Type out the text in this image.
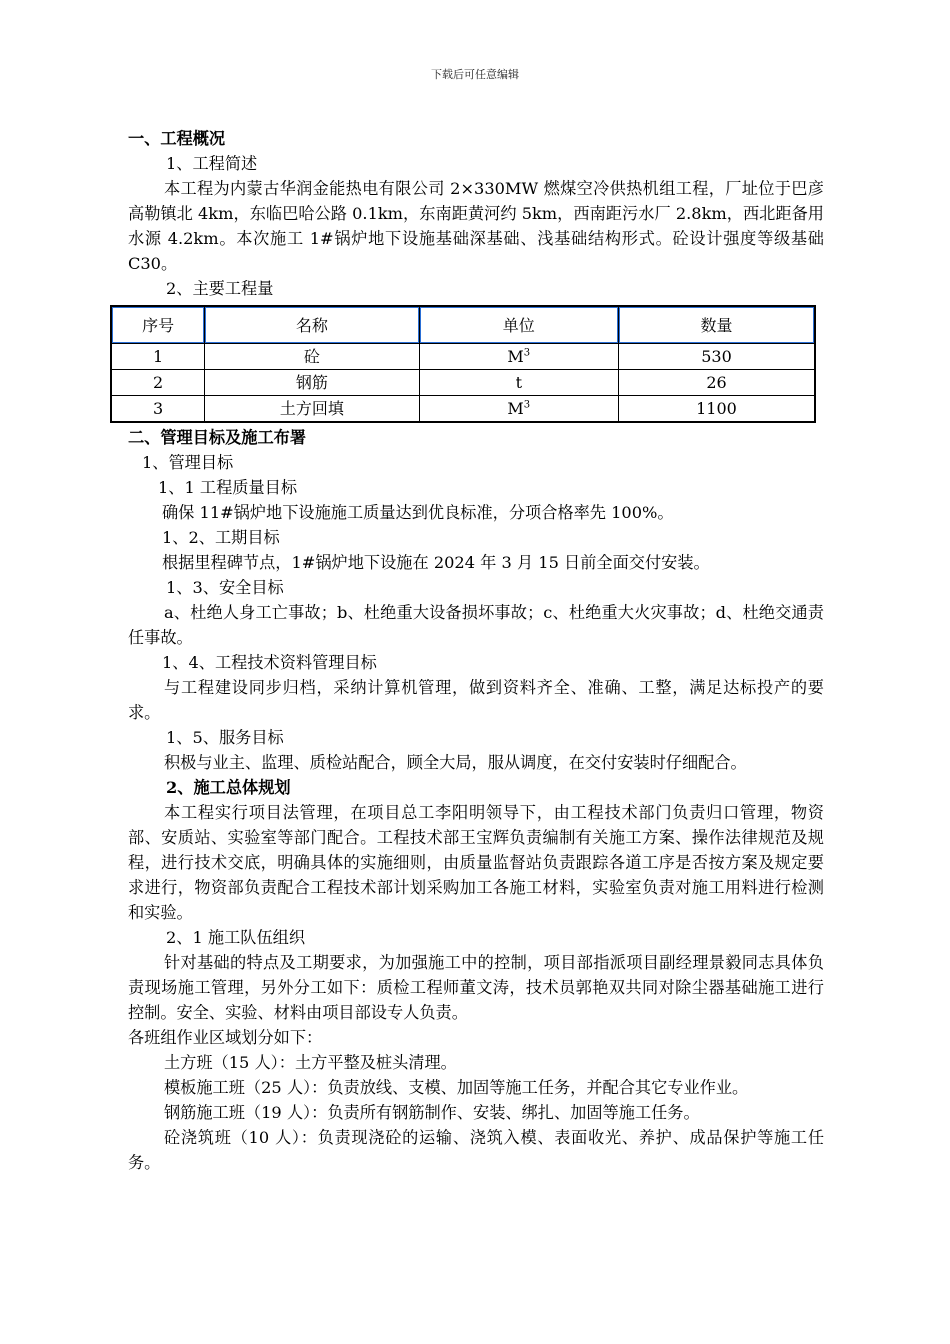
下载后可任意编辑

一、工程概况

1、工程简述

本工程为内蒙古华润金能热电有限公司 2×330MW 燃煤空冷供热机组工程，厂址位于巴彦高勒镇北 4km，东临巴哈公路 0.1km，东南距黄河约 5km，西南距污水厂 2.8km，西北距备用水源 4.2km。本次施工 1#锅炉地下设施基础深基础、浅基础结构形式。砼设计强度等级基础 C30。

2、主要工程量

序号	名称	单位	数量
1	砼	$M^3$	530
2	钢筋	t	26
3	土方回填	$M^3$	1100

二、管理目标及施工布署

1、管理目标

1、1 工程质量目标

确保 11#锅炉地下设施施工质量达到优良标准，分项合格率先 100%。

1、2、工期目标

根据里程碑节点，1#锅炉地下设施在 2024 年 3 月 15 日前全面交付安装。

1、3、安全目标

a、杜绝人身工亡事故；b、杜绝重大设备损坏事故；c、杜绝重大火灾事故；d、杜绝交通责任事故。

1、4、工程技术资料管理目标

与工程建设同步归档，采纳计算机管理，做到资料齐全、准确、工整，满足达标投产的要求。

1、5、服务目标

积极与业主、监理、质检站配合，顾全大局，服从调度，在交付安装时仔细配合。

2、施工总体规划

本工程实行项目法管理，在项目总工李阳明领导下，由工程技术部门负责归口管理，物资部、安质站、实验室等部门配合。工程技术部王宝辉负责编制有关施工方案、操作法律规范及规程，进行技术交底，明确具体的实施细则，由质量监督站负责跟踪各道工序是否按方案及规定要求进行，物资部负责配合工程技术部计划采购加工各施工材料，实验室负责对施工用料进行检测和实验。

2、1 施工队伍组织

针对基础的特点及工期要求，为加强施工中的控制，项目部指派项目副经理景毅同志具体负责现场施工管理，另外分工如下：质检工程师董文涛，技术员郭艳双共同对除尘器基础施工进行控制。安全、实验、材料由项目部设专人负责。

各班组作业区域划分如下：

土方班（15 人）：土方平整及桩头清理。

模板施工班（25 人）：负责放线、支模、加固等施工任务，并配合其它专业作业。

钢筋施工班（19 人）：负责所有钢筋制作、安装、绑扎、加固等施工任务。

砼浇筑班（10 人）：负责现浇砼的运输、浇筑入模、表面收光、养护、成品保护等施工任务。
